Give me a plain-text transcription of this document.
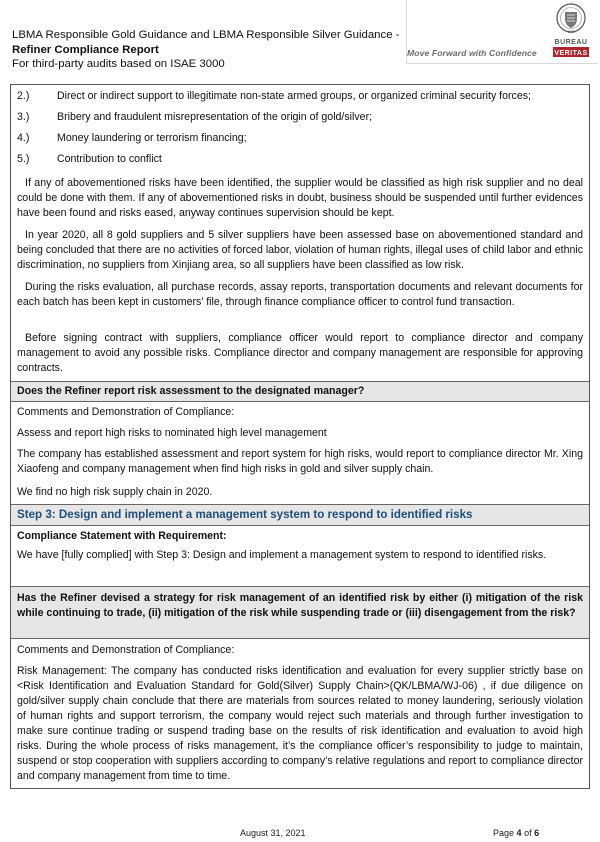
LBMA Responsible Gold Guidance and LBMA Responsible Silver Guidance -
Refiner Compliance Report
For third-party audits based on ISAE 3000
Move Forward with Confidence
1828
BUREAU
VERITAS
2.)	Direct or indirect support to illegitimate non-state armed groups, or organized criminal security forces;
3.)	Bribery and fraudulent misrepresentation of the origin of gold/silver;
4.)	Money laundering or terrorism financing;
5.)	Contribution to conflict
If any of abovementioned risks have been identified, the supplier would be classified as high risk supplier and no deal could be done with them. If any of abovementioned risks in doubt, business should be suspended until further evidences have been found and risks eased, anyway continues supervision should be kept.
In year 2020, all 8 gold suppliers and 5 silver suppliers have been assessed base on abovementioned standard and being concluded that there are no activities of forced labor, violation of human rights, illegal uses of child labor and ethnic discrimination, no suppliers from Xinjiang area, so all suppliers have been classified as low risk.
During the risks evaluation, all purchase records, assay reports, transportation documents and relevant documents for each batch has been kept in customers’ file, through finance compliance officer to control fund transaction.
Before signing contract with suppliers, compliance officer would report to compliance director and company management to avoid any possible risks. Compliance director and company management are responsible for approving contracts.
Does the Refiner report risk assessment to the designated manager?
Comments and Demonstration of Compliance:
Assess and report high risks to nominated high level management
The company has established assessment and report system for high risks, would report to compliance director Mr. Xing Xiaofeng and company management when find high risks in gold and silver supply chain.
We find no high risk supply chain in 2020.
Step 3: Design and implement a management system to respond to identified risks
Compliance Statement with Requirement:
We have [fully complied] with Step 3: Design and implement a management system to respond to identified risks.
Has the Refiner devised a strategy for risk management of an identified risk by either (i) mitigation of the risk while continuing to trade, (ii) mitigation of the risk while suspending trade or (iii) disengagement from the risk?
Comments and Demonstration of Compliance:
Risk Management: The company has conducted risks identification and evaluation for every supplier strictly base on <Risk Identification and Evaluation Standard for Gold(Silver) Supply Chain>(QK/LBMA/WJ-06) , if due diligence on gold/silver supply chain conclude that there are materials from sources related to money laundering, seriously violation of human rights and support terrorism, the company would reject such materials and through further investigation to make sure continue trading or suspend trading base on the results of risk identification and evaluation to avoid high risks. During the whole process of risks management, it’s the compliance officer’s responsibility to judge to maintain, suspend or stop cooperation with suppliers according to company’s relative regulations and report to compliance director and company management from time to time.
August 31, 2021	Page 4 of 6
